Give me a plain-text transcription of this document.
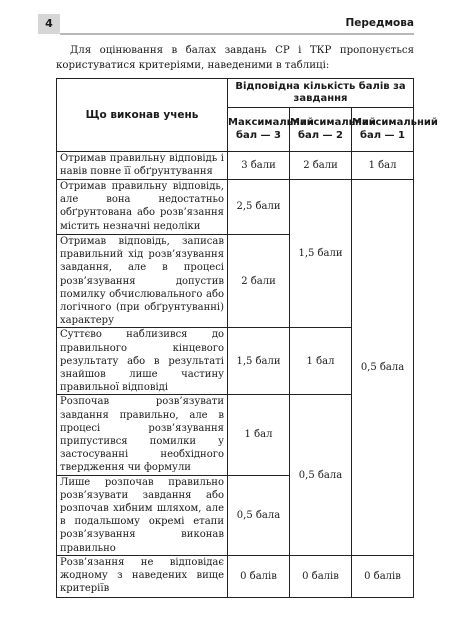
4	Передмова

Для оцінювання в балах завдань СР і ТКР пропонується користуватися критеріями, наведеними в таблиці:

Що виконав учень	Відповідна кількість балів за завдання		
	Максимальний бал — 3	Максимальний бал — 2	Максимальний бал — 1
Отримав правильну відповідь і навів повне її обґрунтування	3 бали	2 бали	1 бал
Отримав правильну відповідь, але вона недостатньо обґрунтована або розв’язання містить незначні недоліки	2,5 бали	1,5 бали	0,5 бала
Отримав відповідь, записав правильний хід розв’язування завдання, але в процесі розв’язування допустив помилку обчислювального або логічного (при обґрунтуванні) характеру	2 бали		
Суттєво наблизився до правильного кінцевого результату або в результаті знайшов лише частину правильної відповіді	1,5 бали	1 бал	
Розпочав розв’язувати завдання правильно, але в процесі розв’язування припустився помилки у застосуванні необхідного твердження чи формули	1 бал	0,5 бала	
Лише розпочав правильно розв’язувати завдання або розпочав хибним шляхом, але в подальшому окремі етапи розв’язування виконав правильно	0,5 бала		
Розв’язання не відповідає жодному з наведених вище критеріїв	0 балів	0 балів	0 балів
